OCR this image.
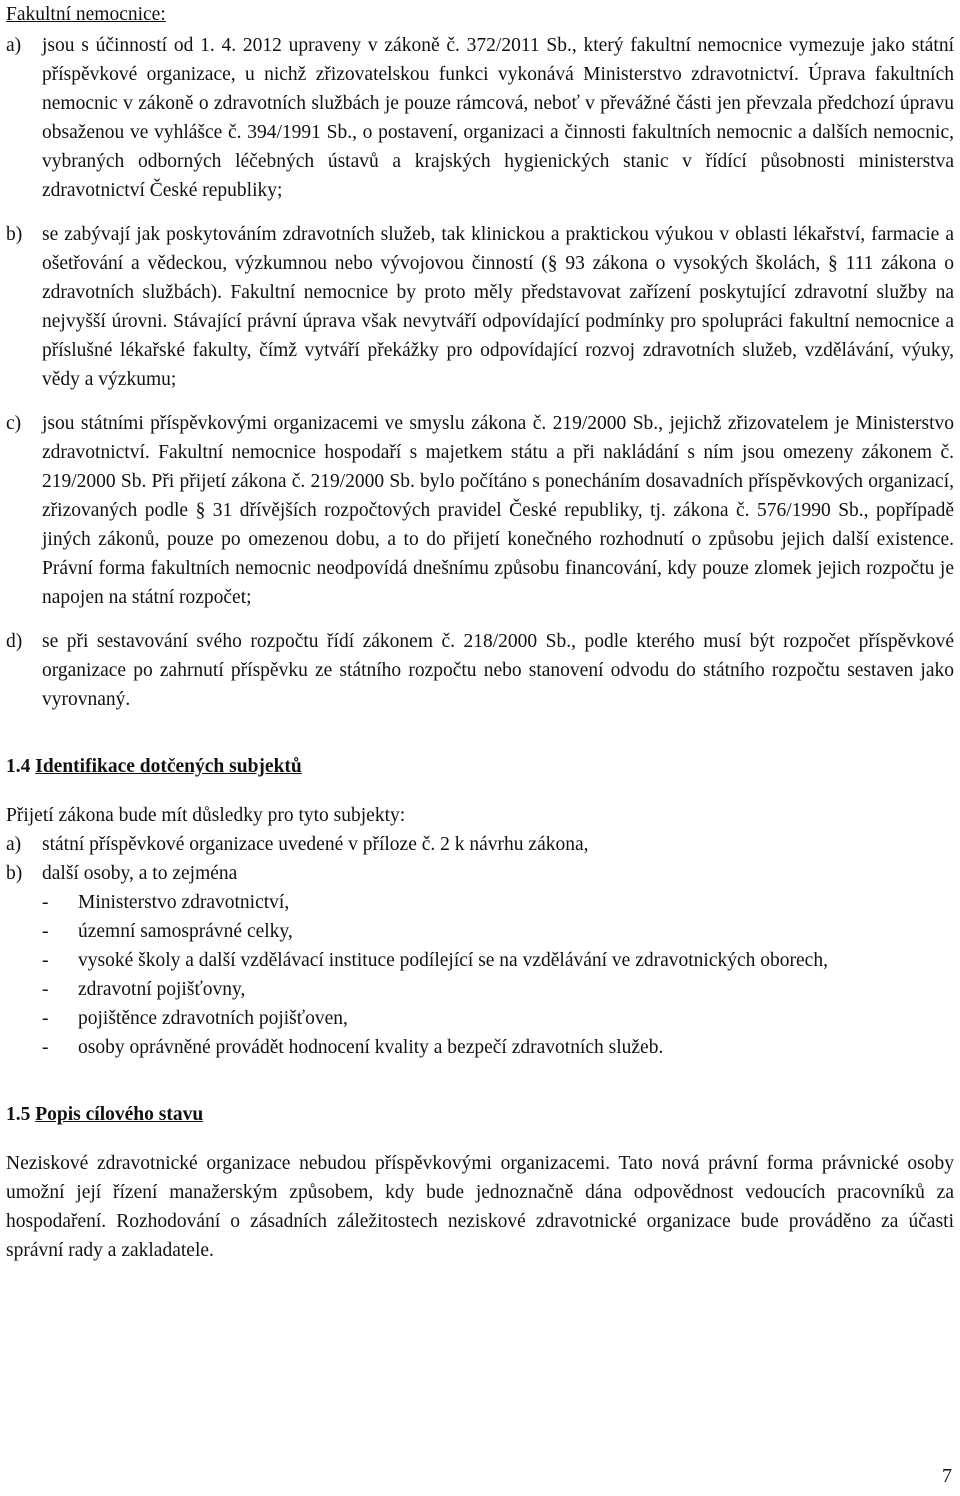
Fakultní nemocnice:

a)	jsou s účinností od 1. 4. 2012 upraveny v zákoně č. 372/2011 Sb., který fakultní nemocnice vymezuje jako státní příspěvkové organizace, u nichž zřizovatelskou funkci vykonává Ministerstvo zdravotnictví. Úprava fakultních nemocnic v zákoně o zdravotních službách je pouze rámcová, neboť v převážné části jen převzala předchozí úpravu obsaženou ve vyhlášce č. 394/1991 Sb., o postavení, organizaci a činnosti fakultních nemocnic a dalších nemocnic, vybraných odborných léčebných ústavů a krajských hygienických stanic v řídící působnosti ministerstva zdravotnictví České republiky;
b)	se zabývají jak poskytováním zdravotních služeb, tak klinickou a praktickou výukou v oblasti lékařství, farmacie a ošetřování a vědeckou, výzkumnou nebo vývojovou činností (§ 93 zákona o vysokých školách, § 111 zákona o zdravotních službách). Fakultní nemocnice by proto měly představovat zařízení poskytující zdravotní služby na nejvyšší úrovni. Stávající právní úprava však nevytváří odpovídající podmínky pro spolupráci fakultní nemocnice a příslušné lékařské fakulty, čímž vytváří překážky pro odpovídající rozvoj zdravotních služeb, vzdělávání, výuky, vědy a výzkumu;
c)	jsou státními příspěvkovými organizacemi ve smyslu zákona č. 219/2000 Sb., jejichž zřizovatelem je Ministerstvo zdravotnictví. Fakultní nemocnice hospodaří s majetkem státu a při nakládání s ním jsou omezeny zákonem č. 219/2000 Sb. Při přijetí zákona č. 219/2000 Sb. bylo počítáno s ponecháním dosavadních příspěvkových organizací, zřizovaných podle § 31 dřívějších rozpočtových pravidel České republiky, tj. zákona č. 576/1990 Sb., popřípadě jiných zákonů, pouze po omezenou dobu, a to do přijetí konečného rozhodnutí o způsobu jejich další existence. Právní forma fakultních nemocnic neodpovídá dnešnímu způsobu financování, kdy pouze zlomek jejich rozpočtu je napojen na státní rozpočet;
d)	se při sestavování svého rozpočtu řídí zákonem č. 218/2000 Sb., podle kterého musí být rozpočet příspěvkové organizace po zahrnutí příspěvku ze státního rozpočtu nebo stanovení odvodu do státního rozpočtu sestaven jako vyrovnaný.
1.4 Identifikace dotčených subjektů

Přijetí zákona bude mít důsledky pro tyto subjekty:

a)	státní příspěvkové organizace uvedené v příloze č. 2 k návrhu zákona,
b)	další osoby, a to zejména
-	Ministerstvo zdravotnictví,
-	územní samosprávné celky,
-	vysoké školy a další vzdělávací instituce podílející se na vzdělávání ve zdravotnických oborech,
-	zdravotní pojišťovny,
-	pojištěnce zdravotních pojišťoven,
-	osoby oprávněné provádět hodnocení kvality a bezpečí zdravotních služeb.
1.5 Popis cílového stavu

Neziskové zdravotnické organizace nebudou příspěvkovými organizacemi. Tato nová právní forma právnické osoby umožní její řízení manažerským způsobem, kdy bude jednoznačně dána odpovědnost vedoucích pracovníků za hospodaření. Rozhodování o zásadních záležitostech neziskové zdravotnické organizace bude prováděno za účasti správní rady a zakladatele.

7
